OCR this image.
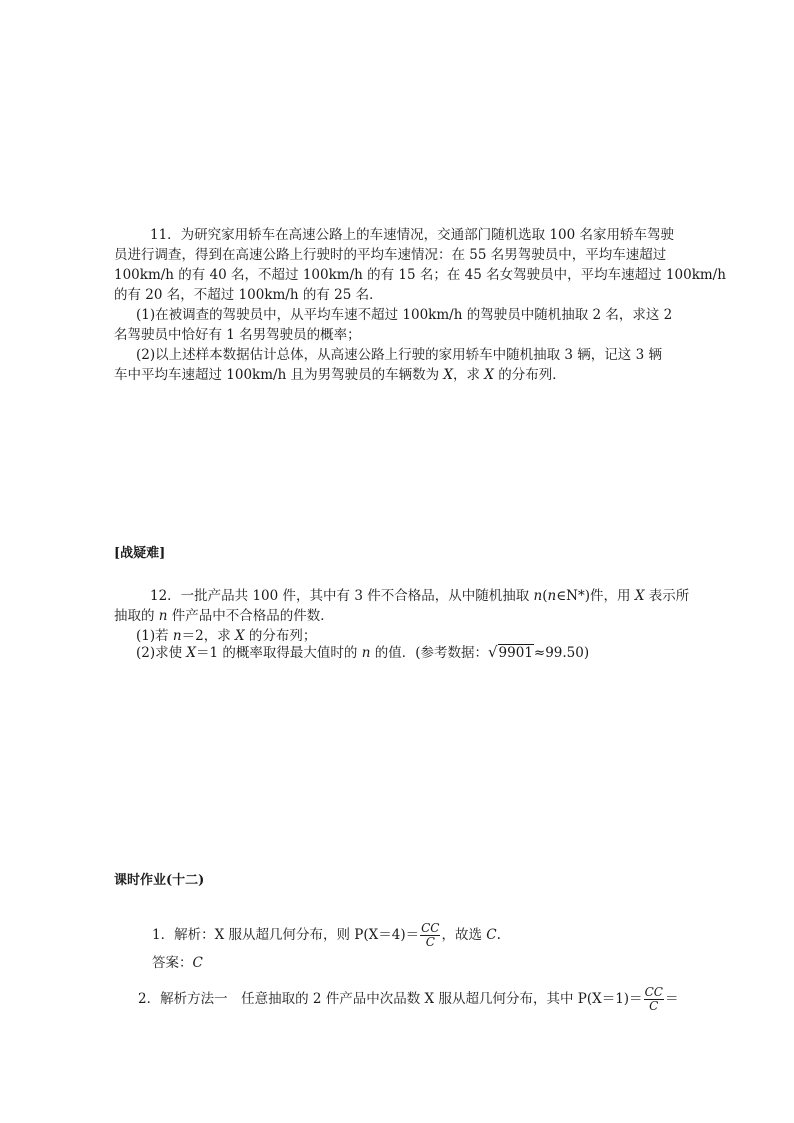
11．为研究家用轿车在高速公路上的车速情况，交通部门随机选取 100 名家用轿车驾驶
员进行调查，得到在高速公路上行驶时的平均车速情况：在 55 名男驾驶员中，平均车速超过
100km/h 的有 40 名，不超过 100km/h 的有 15 名；在 45 名女驾驶员中，平均车速超过 100km/h
的有 20 名，不超过 100km/h 的有 25 名．
(1)在被调查的驾驶员中，从平均车速不超过 100km/h 的驾驶员中随机抽取 2 名，求这 2
名驾驶员中恰好有 1 名男驾驶员的概率；
(2)以上述样本数据估计总体，从高速公路上行驶的家用轿车中随机抽取 3 辆，记这 3 辆
车中平均车速超过 100km/h 且为男驾驶员的车辆数为 X，求 X 的分布列．
[战疑难]
12．一批产品共 100 件，其中有 3 件不合格品，从中随机抽取 n(n∈N*)件，用 X 表示所
抽取的 n 件产品中不合格品的件数．
(1)若 n＝2，求 X 的分布列；
(2)求使 X＝1 的概率取得最大值时的 n 的值．(参考数据：√9901≈99.50)
课时作业(十二)
1．解析：X 服从超几何分布，则 $P(X=4)= \frac{CC}{C}$ ，故选 C.
答案：C
2．解析方法一　任意抽取的 2 件产品中次品数 X 服从超几何分布，其中 $P(X=1)= \frac{CC}{C}$ ＝
